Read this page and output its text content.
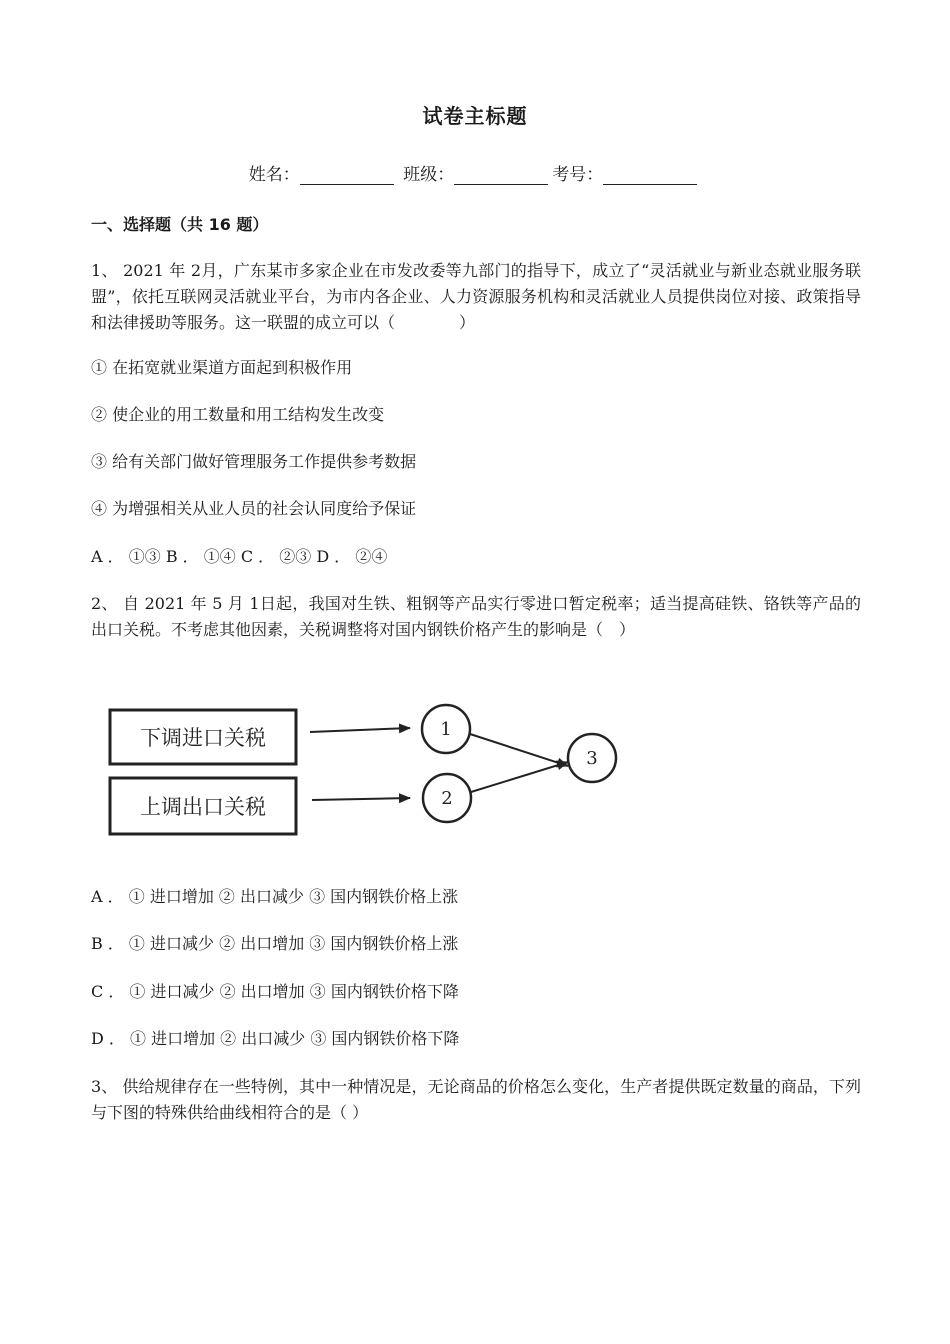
试卷主标题
姓名：	班级：	考号：
一、选择题（共 16 题）
1、 2021 年 2月，广东某市多家企业在市发改委等九部门的指导下，成立了“灵活就业与新业态就业服务联盟”，依托互联网灵活就业平台，为市内各企业、人力资源服务机构和灵活就业人员提供岗位对接、政策指导和法律援助等服务。这一联盟的成立可以（　　　　）
① 在拓宽就业渠道方面起到积极作用
② 使企业的用工数量和用工结构发生改变
③ 给有关部门做好管理服务工作提供参考数据
④ 为增强相关从业人员的社会认同度给予保证
A ． ①③ B ． ①④ C ． ②③ D ． ②④
2、 自 2021 年 5 月 1日起，我国对生铁、粗钢等产品实行零进口暂定税率；适当提高硅铁、铬铁等产品的出口关税。不考虑其他因素，关税调整将对国内钢铁价格产生的影响是（　）
下调进口关税
上调出口关税
1
2
3
A ． ① 进口增加 ② 出口减少 ③ 国内钢铁价格上涨
B ． ① 进口减少 ② 出口增加 ③ 国内钢铁价格上涨
C ． ① 进口减少 ② 出口增加 ③ 国内钢铁价格下降
D ． ① 进口增加 ② 出口减少 ③ 国内钢铁价格下降
3、 供给规律存在一些特例，其中一种情况是，无论商品的价格怎么变化，生产者提供既定数量的商品，下列与下图的特殊供给曲线相符合的是（ ）
